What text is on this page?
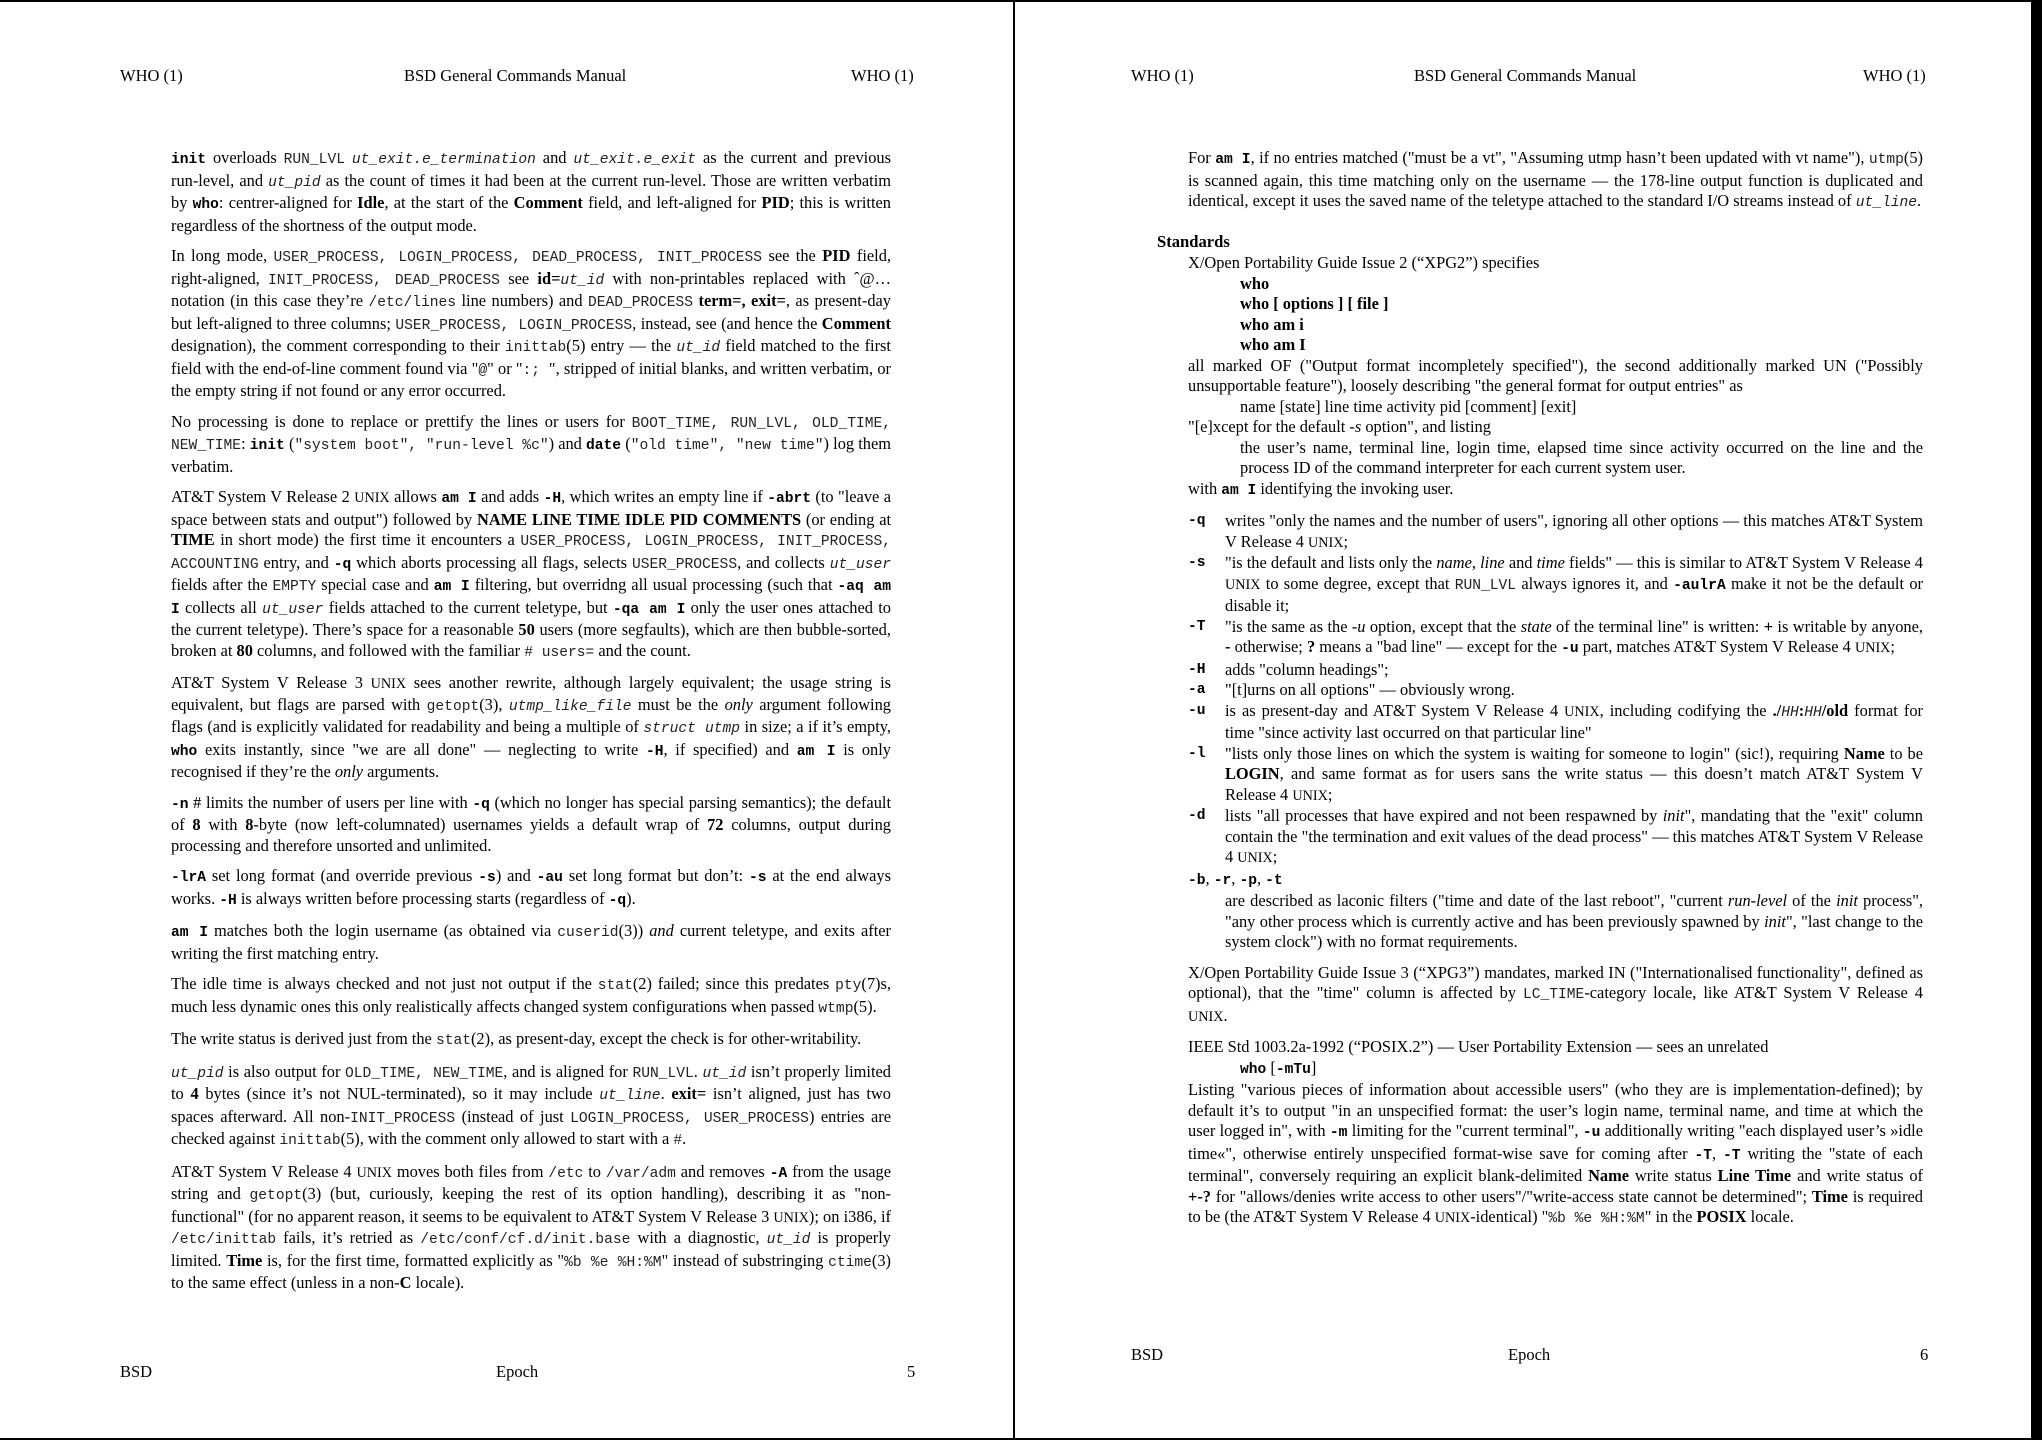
WHO (1)	BSD General Commands Manual	WHO (1)

init overloads RUN_LVL ut_exit.e_termination and ut_exit.e_exit as the current and previous run-level, and ut_pid as the count of times it had been at the current run-level. Those are written verbatim by who: centrer-aligned for Idle, at the start of the Comment field, and left-aligned for PID; this is written regardless of the shortness of the output mode.

In long mode, USER_PROCESS, LOGIN_PROCESS, DEAD_PROCESS, INIT_PROCESS see the PID field, right-aligned, INIT_PROCESS, DEAD_PROCESS see id=ut_id with non-printables replaced with ˆ@… notation (in this case they’re /etc/lines line numbers) and DEAD_PROCESS term=, exit=, as present-day but left-aligned to three columns; USER_PROCESS, LOGIN_PROCESS, instead, see (and hence the Comment designation), the comment corresponding to their inittab(5) entry — the ut_id field matched to the first field with the end-of-line comment found via "@" or ":; ", stripped of initial blanks, and written verbatim, or the empty string if not found or any error occurred.

No processing is done to replace or prettify the lines or users for BOOT_TIME, RUN_LVL, OLD_TIME, NEW_TIME: init ("system boot", "run-level %c") and date ("old time", "new time") log them verbatim.

AT&T System V Release 2 UNIX allows am I and adds -H, which writes an empty line if -abrt (to "leave a space between stats and output") followed by NAME LINE TIME IDLE PID COMMENTS (or ending at TIME in short mode) the first time it encounters a USER_PROCESS, LOGIN_PROCESS, INIT_PROCESS, ACCOUNTING entry, and -q which aborts processing all flags, selects USER_PROCESS, and collects ut_user fields after the EMPTY special case and am I filtering, but overridng all usual processing (such that -aq am I collects all ut_user fields attached to the current teletype, but -qa am I only the user ones attached to the current teletype). There’s space for a reasonable 50 users (more segfaults), which are then bubble-sorted, broken at 80 columns, and followed with the familiar # users= and the count.

AT&T System V Release 3 UNIX sees another rewrite, although largely equivalent; the usage string is equivalent, but flags are parsed with getopt(3), utmp_like_file must be the only argument following flags (and is explicitly validated for readability and being a multiple of struct utmp in size; a if it’s empty, who exits instantly, since "we are all done" — neglecting to write -H, if specified) and am I is only recognised if they’re the only arguments.

-n # limits the number of users per line with -q (which no longer has special parsing semantics); the default of 8 with 8-byte (now left-columnated) usernames yields a default wrap of 72 columns, output during processing and therefore unsorted and unlimited.

-lrA set long format (and override previous -s) and -au set long format but don’t: -s at the end always works. -H is always written before processing starts (regardless of -q).

am I matches both the login username (as obtained via cuserid(3)) and current teletype, and exits after writing the first matching entry.

The idle time is always checked and not just not output if the stat(2) failed; since this predates pty(7)s, much less dynamic ones this only realistically affects changed system configurations when passed wtmp(5).

The write status is derived just from the stat(2), as present-day, except the check is for other-writability.

ut_pid is also output for OLD_TIME, NEW_TIME, and is aligned for RUN_LVL. ut_id isn’t properly limited to 4 bytes (since it’s not NUL-terminated), so it may include ut_line. exit= isn’t aligned, just has two spaces afterward. All non-INIT_PROCESS (instead of just LOGIN_PROCESS, USER_PROCESS) entries are checked against inittab(5), with the comment only allowed to start with a #.

AT&T System V Release 4 UNIX moves both files from /etc to /var/adm and removes -A from the usage string and getopt(3) (but, curiously, keeping the rest of its option handling), describing it as "non-functional" (for no apparent reason, it seems to be equivalent to AT&T System V Release 3 UNIX); on i386, if /etc/inittab fails, it’s retried as /etc/conf/cf.d/init.base with a diagnostic, ut_id is properly limited. Time is, for the first time, formatted explicitly as "%b %e %H:%M" instead of substringing ctime(3) to the same effect (unless in a non-C locale).

BSD	Epoch	5
WHO (1)	BSD General Commands Manual	WHO (1)

For am I, if no entries matched ("must be a vt", "Assuming utmp hasn’t been updated with vt name"), utmp(5) is scanned again, this time matching only on the username — the 178-line output function is duplicated and identical, except it uses the saved name of the teletype attached to the standard I/O streams instead of ut_line.

Standards
X/Open Portability Guide Issue 2 (“XPG2”) specifies
who
who [ options ] [ file ]
who am i
who am I
all marked OF ("Output format incompletely specified"), the second additionally marked UN ("Possibly unsupportable feature"), loosely describing "the general format for output entries" as
name [state] line time activity pid [comment] [exit]
"[e]xcept for the default -s option", and listing
the user’s name, terminal line, login time, elapsed time since activity occurred on the line and the process ID of the command interpreter for each current system user.
with am I identifying the invoking user.
-q	writes "only the names and the number of users", ignoring all other options — this matches AT&T System V Release 4 UNIX;
-s	"is the default and lists only the name, line and time fields" — this is similar to AT&T System V Release 4 UNIX to some degree, except that RUN_LVL always ignores it, and -aulrA make it not be the default or disable it;
-T	"is the same as the -u option, except that the state of the terminal line" is written: + is writable by anyone, - otherwise; ? means a "bad line" — except for the -u part, matches AT&T System V Release 4 UNIX;
-H	adds "column headings";
-a	"[t]urns on all options" — obviously wrong.
-u	is as present-day and AT&T System V Release 4 UNIX, including codifying the ./HH:HH/old format for time "since activity last occurred on that particular line"
-l	"lists only those lines on which the system is waiting for someone to login" (sic!), requiring Name to be LOGIN, and same format as for users sans the write status — this doesn’t match AT&T System V Release 4 UNIX;
-d	lists "all processes that have expired and not been respawned by init", mandating that the "exit" column contain the "the termination and exit values of the dead process" — this matches AT&T System V Release 4 UNIX;
-b, -r, -p, -t
are described as laconic filters ("time and date of the last reboot", "current run-level of the init process", "any other process which is currently active and has been previously spawned by init", "last change to the system clock") with no format requirements.

X/Open Portability Guide Issue 3 (“XPG3”) mandates, marked IN ("Internationalised functionality", defined as optional), that the "time" column is affected by LC_TIME-category locale, like AT&T System V Release 4 UNIX.

IEEE Std 1003.2a-1992 (“POSIX.2”) — User Portability Extension — sees an unrelated
who [-mTu]

Listing "various pieces of information about accessible users" (who they are is implementation-defined); by default it’s to output "in an unspecified format: the user’s login name, terminal name, and time at which the user logged in", with -m limiting for the "current terminal", -u additionally writing "each displayed user’s »idle time«", otherwise entirely unspecified format-wise save for coming after -T, -T writing the "state of each terminal", conversely requiring an explicit blank-delimited Name write status Line Time and write status of +-? for "allows/denies write access to other users"/"write-access state cannot be determined"; Time is required to be (the AT&T System V Release 4 UNIX-identical) "%b %e %H:%M" in the POSIX locale.

BSD	Epoch	6
